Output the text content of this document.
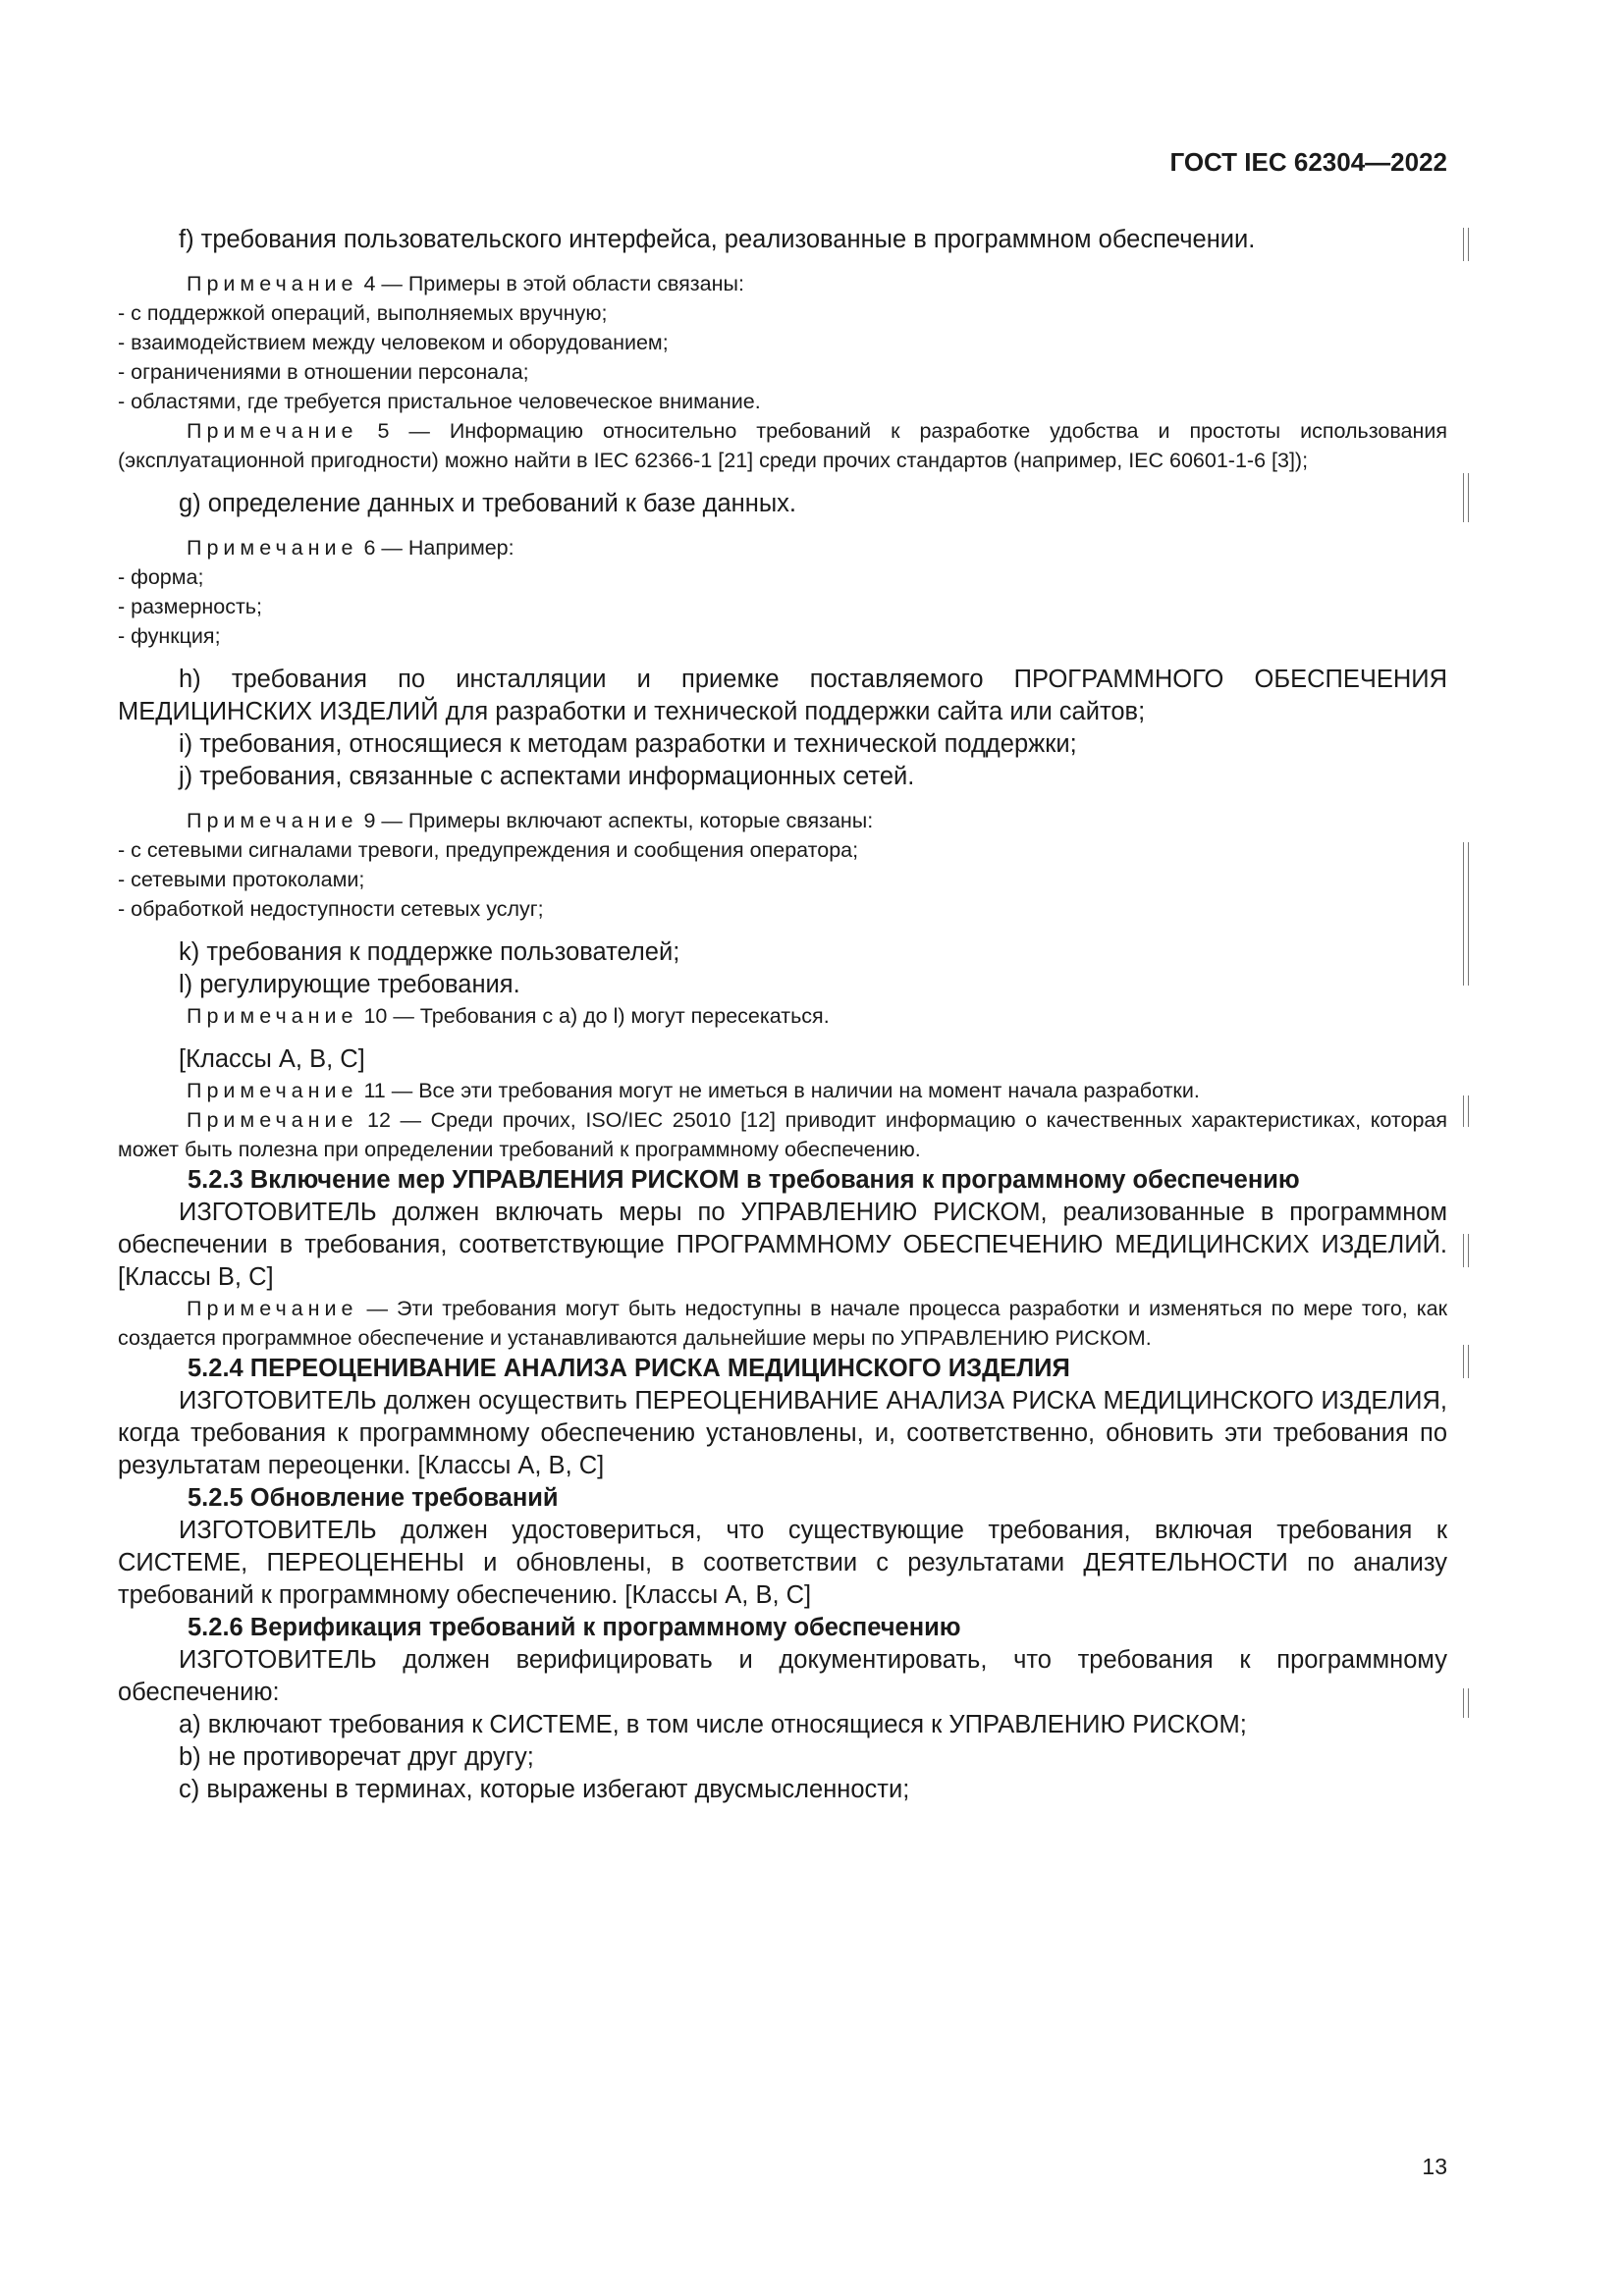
ГОСТ IEC 62304—2022

f) требования пользовательского интерфейса, реализованные в программном обеспечении.

Примечание 4 — Примеры в этой области связаны:

- с поддержкой операций, выполняемых вручную;
- взаимодействием между человеком и оборудованием;
- ограничениями в отношении персонала;
- областями, где требуется пристальное человеческое внимание.

Примечание 5 — Информацию относительно требований к разработке удобства и простоты использования (эксплуатационной пригодности) можно найти в IEC 62366-1 [21] среди прочих стандартов (например, IEC 60601-1-6 [3]);

g) определение данных и требований к базе данных.

Примечание 6 — Например:

- форма;
- размерность;
- функция;

h) требования по инсталляции и приемке поставляемого ПРОГРАММНОГО ОБЕСПЕЧЕНИЯ МЕДИЦИНСКИХ ИЗДЕЛИЙ для разработки и технической поддержки сайта или сайтов;

i) требования, относящиеся к методам разработки и технической поддержки;

j) требования, связанные с аспектами информационных сетей.

Примечание 9 — Примеры включают аспекты, которые связаны:

- с сетевыми сигналами тревоги, предупреждения и сообщения оператора;
- сетевыми протоколами;
- обработкой недоступности сетевых услуг;

k) требования к поддержке пользователей;

l) регулирующие требования.

Примечание 10 — Требования с a) до l) могут пересекаться.

[Классы А, В, С]

Примечание 11 — Все эти требования могут не иметься в наличии на момент начала разработки.

Примечание 12 — Среди прочих, ISO/IEC 25010 [12] приводит информацию о качественных характеристиках, которая может быть полезна при определении требований к программному обеспечению.

5.2.3 Включение мер УПРАВЛЕНИЯ РИСКОМ в требования к программному обеспечению

ИЗГОТОВИТЕЛЬ должен включать меры по УПРАВЛЕНИЮ РИСКОМ, реализованные в программном обеспечении в требования, соответствующие ПРОГРАММНОМУ ОБЕСПЕЧЕНИЮ МЕДИЦИНСКИХ ИЗДЕЛИЙ. [Классы В, С]

Примечание — Эти требования могут быть недоступны в начале процесса разработки и изменяться по мере того, как создается программное обеспечение и устанавливаются дальнейшие меры по УПРАВЛЕНИЮ РИСКОМ.

5.2.4 ПЕРЕОЦЕНИВАНИЕ АНАЛИЗА РИСКА МЕДИЦИНСКОГО ИЗДЕЛИЯ

ИЗГОТОВИТЕЛЬ должен осуществить ПЕРЕОЦЕНИВАНИЕ АНАЛИЗА РИСКА МЕДИЦИНСКОГО ИЗДЕЛИЯ, когда требования к программному обеспечению установлены, и, соответственно, обновить эти требования по результатам переоценки. [Классы А, В, С]

5.2.5 Обновление требований

ИЗГОТОВИТЕЛЬ должен удостовериться, что существующие требования, включая требования к СИСТЕМЕ, ПЕРЕОЦЕНЕНЫ и обновлены, в соответствии с результатами ДЕЯТЕЛЬНОСТИ по анализу требований к программному обеспечению. [Классы А, В, С]

5.2.6 Верификация требований к программному обеспечению

ИЗГОТОВИТЕЛЬ должен верифицировать и документировать, что требования к программному обеспечению:

a) включают требования к СИСТЕМЕ, в том числе относящиеся к УПРАВЛЕНИЮ РИСКОМ;

b) не противоречат друг другу;

c) выражены в терминах, которые избегают двусмысленности;

13
